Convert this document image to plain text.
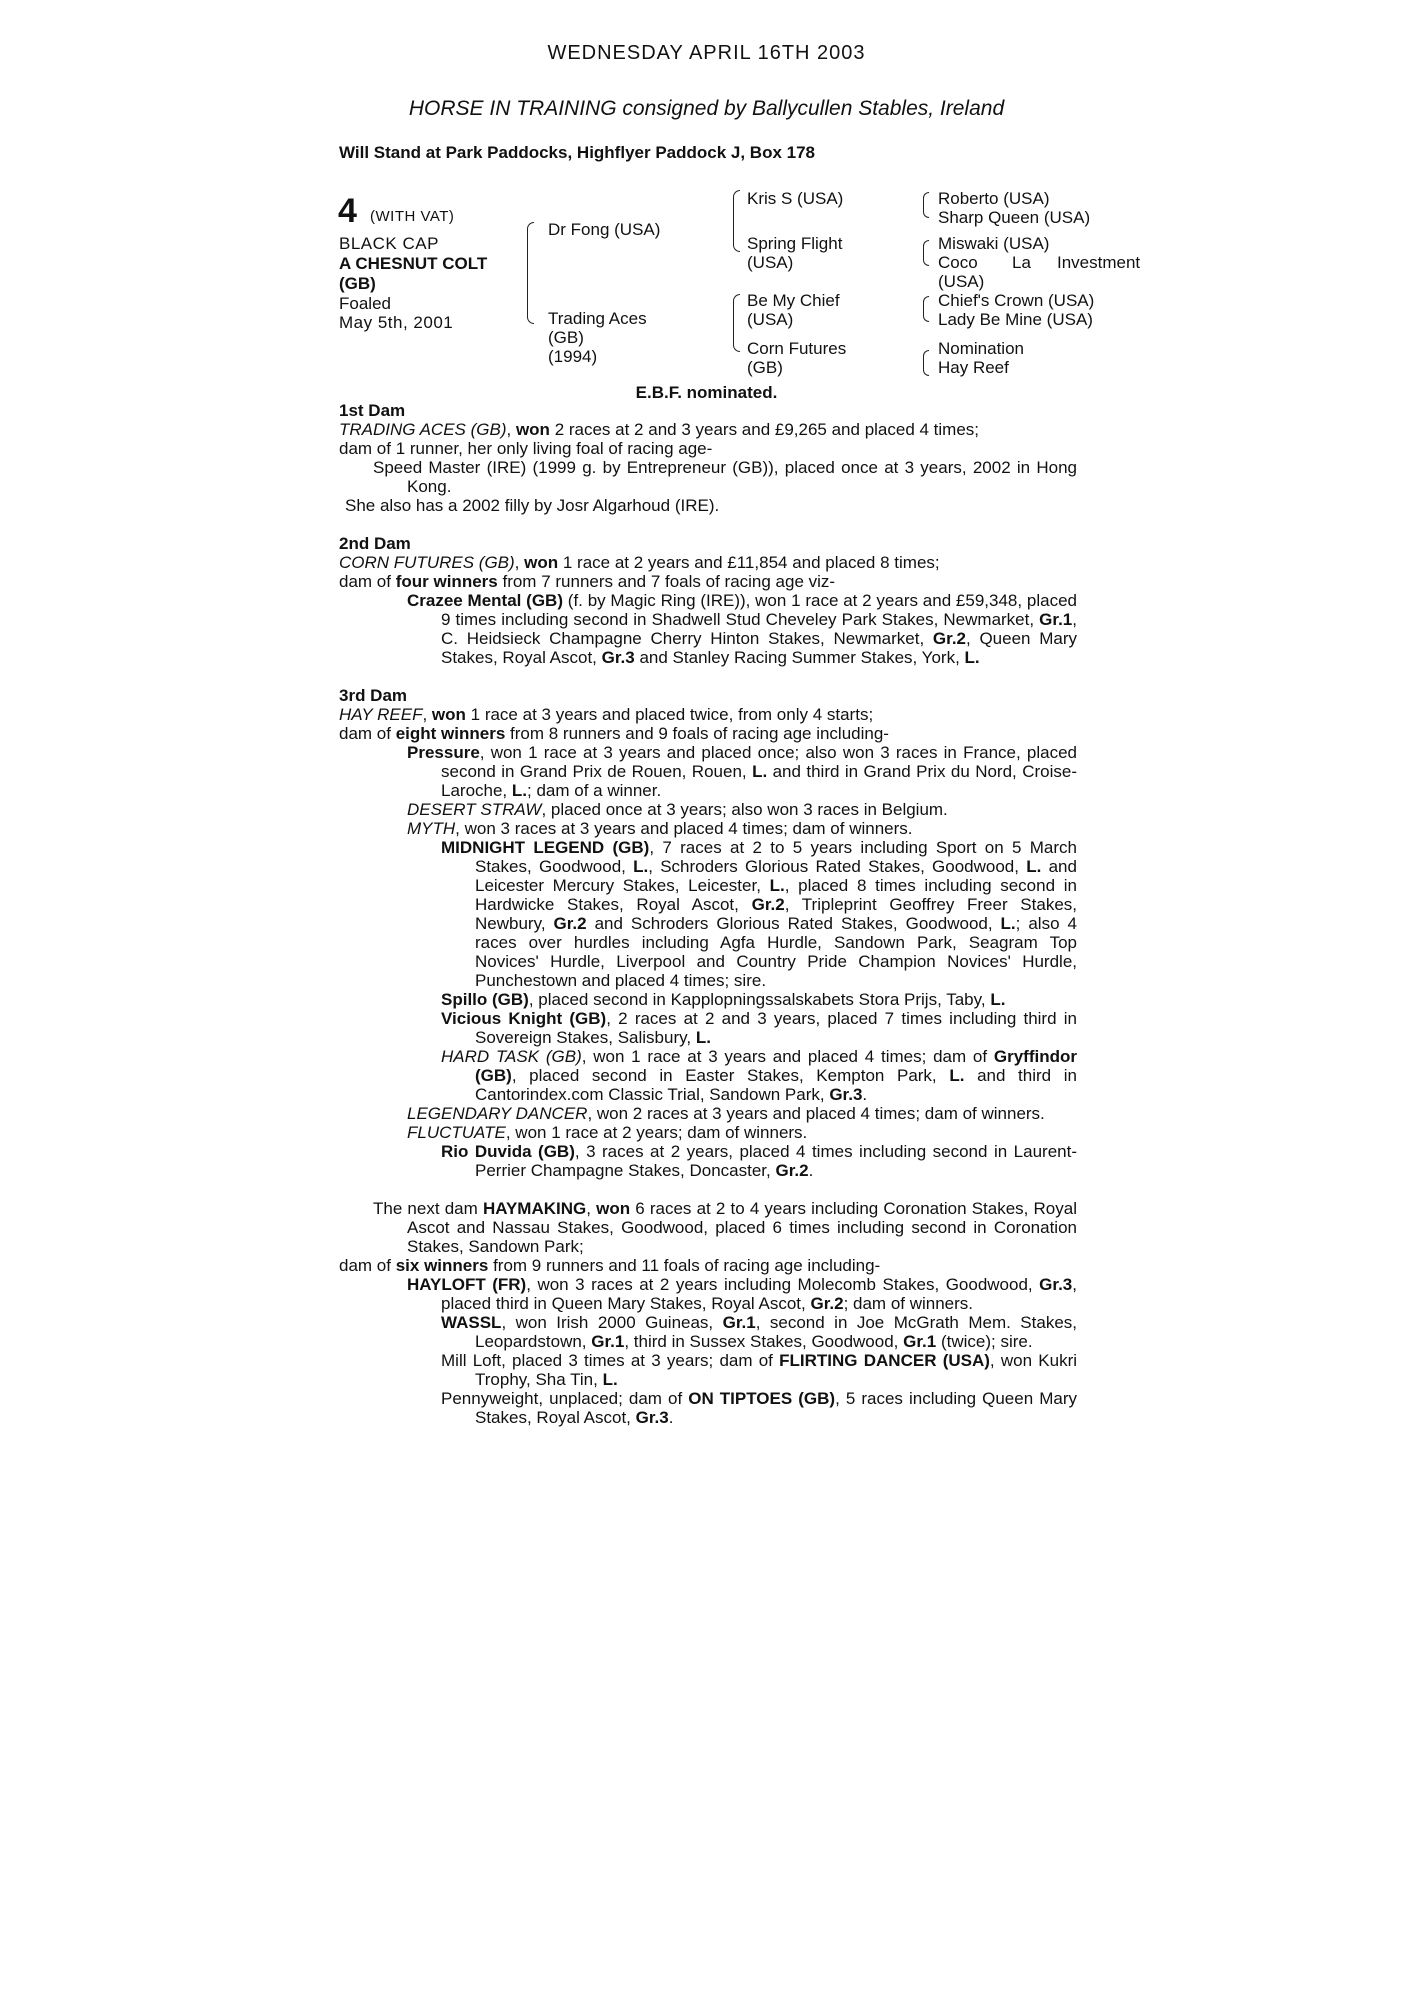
WEDNESDAY APRIL 16TH 2003
HORSE IN TRAINING consigned by Ballycullen Stables, Ireland
Will Stand at Park Paddocks, Highflyer Paddock J, Box 178
4 (WITH VAT)
BLACK CAP
A CHESNUT COLT
(GB)
Foaled
May 5th, 2001
Dr Fong (USA)
Trading Aces
(GB)
(1994)
Kris S (USA)
Spring Flight
(USA)
Be My Chief
(USA)
Corn Futures
(GB)
Roberto (USA)
Sharp Queen (USA)
Miswaki (USA)
Coco La Investment
(USA)
Chief's Crown (USA)
Lady Be Mine (USA)
Nomination
Hay Reef
E.B.F. nominated.

1st Dam

TRADING ACES (GB), won 2 races at 2 and 3 years and £9,265 and placed 4 times;

dam of 1 runner, her only living foal of racing age-

Speed Master (IRE) (1999 g. by Entrepreneur (GB)), placed once at 3 years, 2002 in Hong Kong.

She also has a 2002 filly by Josr Algarhoud (IRE).

2nd Dam

CORN FUTURES (GB), won 1 race at 2 years and £11,854 and placed 8 times;

dam of four winners from 7 runners and 7 foals of racing age viz-

Crazee Mental (GB) (f. by Magic Ring (IRE)), won 1 race at 2 years and £59,348, placed 9 times including second in Shadwell Stud Cheveley Park Stakes, Newmarket, Gr.1, C. Heidsieck Champagne Cherry Hinton Stakes, Newmarket, Gr.2, Queen Mary Stakes, Royal Ascot, Gr.3 and Stanley Racing Summer Stakes, York, L.

3rd Dam

HAY REEF, won 1 race at 3 years and placed twice, from only 4 starts;

dam of eight winners from 8 runners and 9 foals of racing age including-

Pressure, won 1 race at 3 years and placed once; also won 3 races in France, placed second in Grand Prix de Rouen, Rouen, L. and third in Grand Prix du Nord, Croise-Laroche, L.; dam of a winner.

DESERT STRAW, placed once at 3 years; also won 3 races in Belgium.

MYTH, won 3 races at 3 years and placed 4 times; dam of winners.

MIDNIGHT LEGEND (GB), 7 races at 2 to 5 years including Sport on 5 March Stakes, Goodwood, L., Schroders Glorious Rated Stakes, Goodwood, L. and Leicester Mercury Stakes, Leicester, L., placed 8 times including second in Hardwicke Stakes, Royal Ascot, Gr.2, Tripleprint Geoffrey Freer Stakes, Newbury, Gr.2 and Schroders Glorious Rated Stakes, Goodwood, L.; also 4 races over hurdles including Agfa Hurdle, Sandown Park, Seagram Top Novices' Hurdle, Liverpool and Country Pride Champion Novices' Hurdle, Punchestown and placed 4 times; sire.

Spillo (GB), placed second in Kapplopningssalskabets Stora Prijs, Taby, L.

Vicious Knight (GB), 2 races at 2 and 3 years, placed 7 times including third in Sovereign Stakes, Salisbury, L.

HARD TASK (GB), won 1 race at 3 years and placed 4 times; dam of Gryffindor (GB), placed second in Easter Stakes, Kempton Park, L. and third in Cantorindex.com Classic Trial, Sandown Park, Gr.3.

LEGENDARY DANCER, won 2 races at 3 years and placed 4 times; dam of winners.

FLUCTUATE, won 1 race at 2 years; dam of winners.

Rio Duvida (GB), 3 races at 2 years, placed 4 times including second in Laurent-Perrier Champagne Stakes, Doncaster, Gr.2.

The next dam HAYMAKING, won 6 races at 2 to 4 years including Coronation Stakes, Royal Ascot and Nassau Stakes, Goodwood, placed 6 times including second in Coronation Stakes, Sandown Park;

dam of six winners from 9 runners and 11 foals of racing age including-

HAYLOFT (FR), won 3 races at 2 years including Molecomb Stakes, Goodwood, Gr.3, placed third in Queen Mary Stakes, Royal Ascot, Gr.2; dam of winners.

WASSL, won Irish 2000 Guineas, Gr.1, second in Joe McGrath Mem. Stakes, Leopardstown, Gr.1, third in Sussex Stakes, Goodwood, Gr.1 (twice); sire.

Mill Loft, placed 3 times at 3 years; dam of FLIRTING DANCER (USA), won Kukri Trophy, Sha Tin, L.

Pennyweight, unplaced; dam of ON TIPTOES (GB), 5 races including Queen Mary Stakes, Royal Ascot, Gr.3.
